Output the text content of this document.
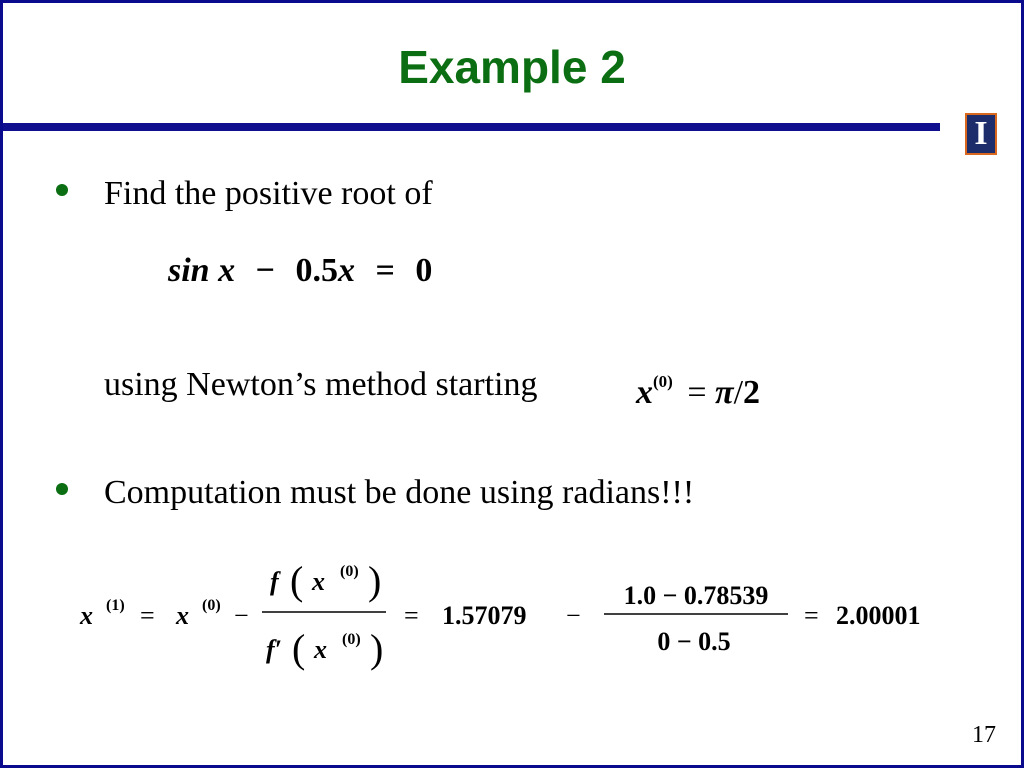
Example 2
I
Find the positive root of
sin x − 0.5x = 0
using Newton’s method starting	$x^{(0)} = \pi/2$
Computation must be done using radians!!!
x (1) = x (0) −
f ( x (0) )
f′ ( x (0) )
= 1.57079 −
1.0 − 0.78539
0 − 0.5
= 2.00001
17
